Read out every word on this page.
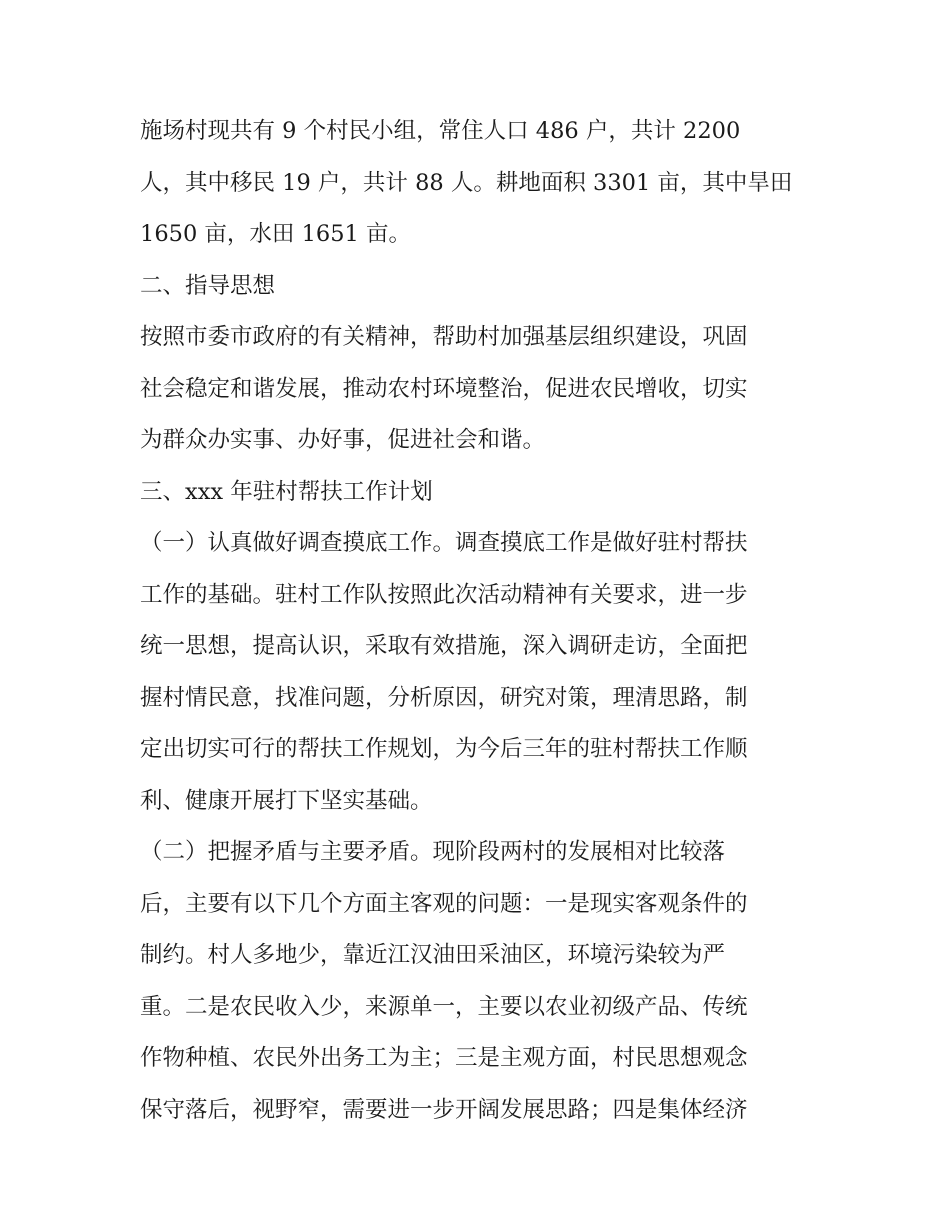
施场村现共有 9 个村民小组，常住人口 486 户，共计 2200
人，其中移民 19 户，共计 88 人。耕地面积 3301 亩，其中旱田
1650 亩，水田 1651 亩。
二、指导思想
按照市委市政府的有关精神，帮助村加强基层组织建设，巩固
社会稳定和谐发展，推动农村环境整治，促进农民增收，切实
为群众办实事、办好事，促进社会和谐。
三、xxx 年驻村帮扶工作计划
（一）认真做好调查摸底工作。调查摸底工作是做好驻村帮扶
工作的基础。驻村工作队按照此次活动精神有关要求，进一步
统一思想，提高认识，采取有效措施，深入调研走访，全面把
握村情民意，找准问题，分析原因，研究对策，理清思路，制
定出切实可行的帮扶工作规划，为今后三年的驻村帮扶工作顺
利、健康开展打下坚实基础。
（二）把握矛盾与主要矛盾。现阶段两村的发展相对比较落
后，主要有以下几个方面主客观的问题：一是现实客观条件的
制约。村人多地少，靠近江汉油田采油区，环境污染较为严
重。二是农民收入少，来源单一，主要以农业初级产品、传统
作物种植、农民外出务工为主；三是主观方面，村民思想观念
保守落后，视野窄，需要进一步开阔发展思路；四是集体经济
